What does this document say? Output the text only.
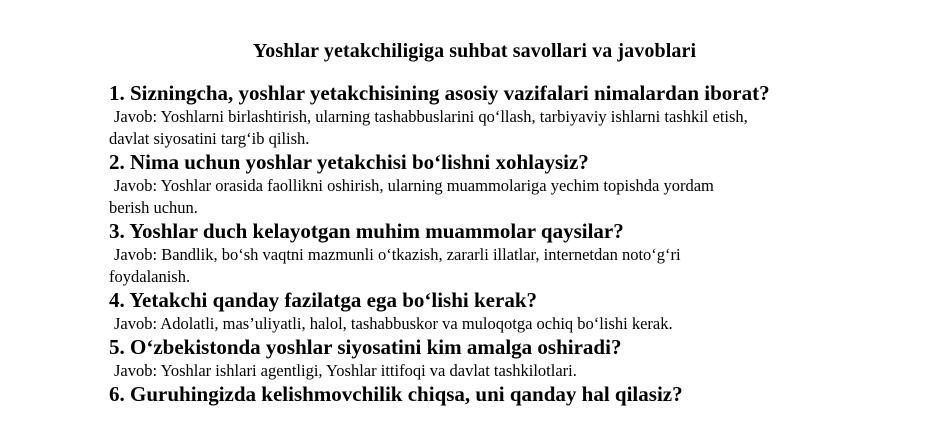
Yoshlar yetakchiligiga suhbat savollari va javoblari
1. Sizningcha, yoshlar yetakchisining asosiy vazifalari nimalardan iborat?
Javob: Yoshlarni birlashtirish, ularning tashabbuslarini qo‘llash, tarbiyaviy ishlarni tashkil etish,
davlat siyosatini targ‘ib qilish.
2. Nima uchun yoshlar yetakchisi bo‘lishni xohlaysiz?
Javob: Yoshlar orasida faollikni oshirish, ularning muammolariga yechim topishda yordam
berish uchun.
3. Yoshlar duch kelayotgan muhim muammolar qaysilar?
Javob: Bandlik, bo‘sh vaqtni mazmunli o‘tkazish, zararli illatlar, internetdan noto‘g‘ri
foydalanish.
4. Yetakchi qanday fazilatga ega bo‘lishi kerak?
Javob: Adolatli, mas’uliyatli, halol, tashabbuskor va muloqotga ochiq bo‘lishi kerak.
5. O‘zbekistonda yoshlar siyosatini kim amalga oshiradi?
Javob: Yoshlar ishlari agentligi, Yoshlar ittifoqi va davlat tashkilotlari.
6. Guruhingizda kelishmovchilik chiqsa, uni qanday hal qilasiz?
